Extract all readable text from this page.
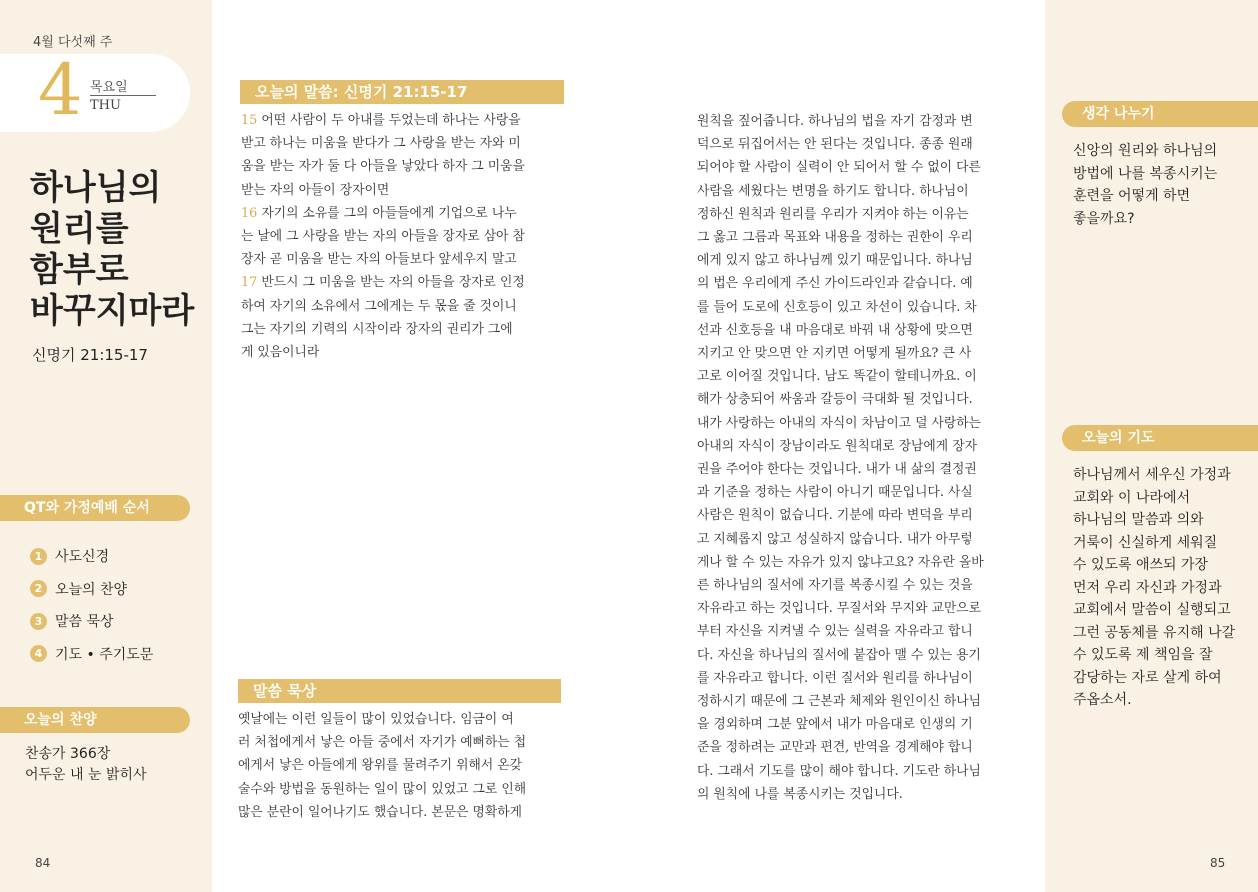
4월 다섯째 주
4 목요일
THU
하나님의
원리를
함부로
바꾸지마라
신명기 21:15-17
QT와 가정예배 순서
1 사도신경
2 오늘의 찬양
3 말씀 묵상
4 기도 • 주기도문
오늘의 찬양
찬송가 366장
어두운 내 눈 밝히사
84
오늘의 말씀: 신명기 21:15-17
15 어떤 사람이 두 아내를 두었는데 하나는 사랑을
받고 하나는 미움을 받다가 그 사랑을 받는 자와 미
움을 받는 자가 둘 다 아들을 낳았다 하자 그 미움을
받는 자의 아들이 장자이면
16 자기의 소유를 그의 아들들에게 기업으로 나누
는 날에 그 사랑을 받는 자의 아들을 장자로 삼아 참
장자 곧 미움을 받는 자의 아들보다 앞세우지 말고
17 반드시 그 미움을 받는 자의 아들을 장자로 인정
하여 자기의 소유에서 그에게는 두 몫을 줄 것이니
그는 자기의 기력의 시작이라 장자의 권리가 그에
게 있음이니라
말씀 묵상
옛날에는 이런 일들이 많이 있었습니다. 임금이 여
러 처첩에게서 낳은 아들 중에서 자기가 예뻐하는 첩
에게서 낳은 아들에게 왕위를 물려주기 위해서 온갖
술수와 방법을 동원하는 일이 많이 있었고 그로 인해
많은 분란이 일어나기도 했습니다. 본문은 명확하게
원칙을 짚어줍니다. 하나님의 법을 자기 감정과 변
덕으로 뒤집어서는 안 된다는 것입니다. 종종 원래
되어야 할 사람이 실력이 안 되어서 할 수 없이 다른
사람을 세웠다는 변명을 하기도 합니다. 하나님이
정하신 원칙과 원리를 우리가 지켜야 하는 이유는
그 옳고 그름과 목표와 내용을 정하는 권한이 우리
에게 있지 않고 하나님께 있기 때문입니다. 하나님
의 법은 우리에게 주신 가이드라인과 같습니다. 예
를 들어 도로에 신호등이 있고 차선이 있습니다. 차
선과 신호등을 내 마음대로 바꿔 내 상황에 맞으면
지키고 안 맞으면 안 지키면 어떻게 될까요? 큰 사
고로 이어질 것입니다. 남도 똑같이 할테니까요. 이
해가 상충되어 싸움과 갈등이 극대화 될 것입니다.
내가 사랑하는 아내의 자식이 차남이고 덜 사랑하는
아내의 자식이 장남이라도 원칙대로 장남에게 장자
권을 주어야 한다는 것입니다. 내가 내 삶의 결정권
과 기준을 정하는 사람이 아니기 때문입니다. 사실
사람은 원칙이 없습니다. 기분에 따라 변덕을 부리
고 지혜롭지 않고 성실하지 않습니다. 내가 아무렇
게나 할 수 있는 자유가 있지 않냐고요? 자유란 올바
른 하나님의 질서에 자기를 복종시킬 수 있는 것을
자유라고 하는 것입니다. 무질서와 무지와 교만으로
부터 자신을 지켜낼 수 있는 실력을 자유라고 합니
다. 자신을 하나님의 질서에 붙잡아 맬 수 있는 용기
를 자유라고 합니다. 이런 질서와 원리를 하나님이
정하시기 때문에 그 근본과 체제와 원인이신 하나님
을 경외하며 그분 앞에서 내가 마음대로 인생의 기
준을 정하려는 교만과 편견, 반역을 경계해야 합니
다. 그래서 기도를 많이 해야 합니다. 기도란 하나님
의 원칙에 나를 복종시키는 것입니다.
생각 나누기
신앙의 원리와 하나님의
방법에 나를 복종시키는
훈련을 어떻게 하면
좋을까요?
오늘의 기도
하나님께서 세우신 가정과
교회와 이 나라에서
하나님의 말씀과 의와
거룩이 신실하게 세워질
수 있도록 애쓰되 가장
먼저 우리 자신과 가정과
교회에서 말씀이 실행되고
그런 공동체를 유지해 나갈
수 있도록 제 책임을 잘
감당하는 자로 살게 하여
주옵소서.
85
